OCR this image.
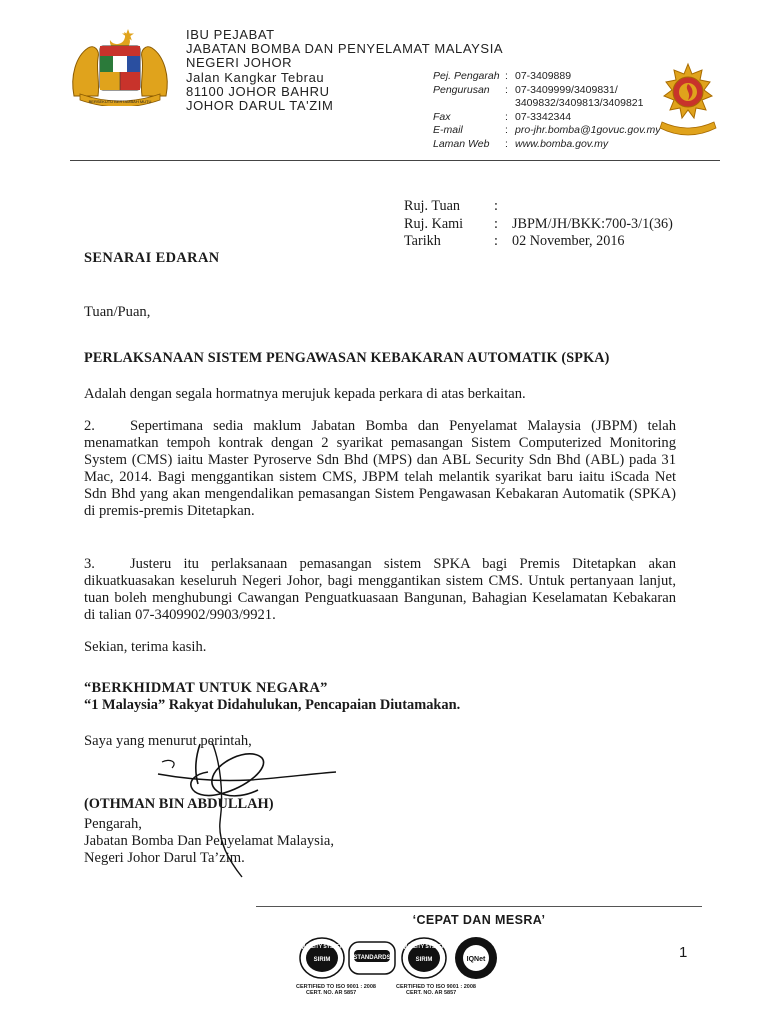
BERSEKUTU BERTAMBAH MUTU
IBU PEJABAT
JABATAN BOMBA DAN PENYELAMAT MALAYSIA
NEGERI JOHOR
Jalan Kangkar Tebrau
81100 JOHOR BAHRU
JOHOR DARUL TA'ZIM
Pej. Pengarah : 07-3409889
Pengurusan	: 07-3409999/3409831/
3409832/3409813/3409821
Fax	: 07-3342344
E-mail	: pro-jhr.bomba@1govuc.gov.my
Laman Web	: www.bomba.gov.my
Ruj. Tuan	:
Ruj. Kami	: JBPM/JH/BKK:700-3/1(36)
Tarikh	: 02 November, 2016
SENARAI EDARAN
Tuan/Puan,
PERLAKSANAAN SISTEM PENGAWASAN KEBAKARAN AUTOMATIK (SPKA)
Adalah dengan segala hormatnya merujuk kepada perkara di atas berkaitan.
2. Sepertimana sedia maklum Jabatan Bomba dan Penyelamat Malaysia (JBPM) telah menamatkan tempoh kontrak dengan 2 syarikat pemasangan Sistem Computerized Monitoring System (CMS) iaitu Master Pyroserve Sdn Bhd (MPS) dan ABL Security Sdn Bhd (ABL) pada 31 Mac, 2014. Bagi menggantikan sistem CMS, JBPM telah melantik syarikat baru iaitu iScada Net Sdn Bhd yang akan mengendalikan pemasangan Sistem Pengawasan Kebakaran Automatik (SPKA) di premis-premis Ditetapkan.
3. Justeru itu perlaksanaan pemasangan sistem SPKA bagi Premis Ditetapkan akan dikuatkuasakan keseluruh Negeri Johor, bagi menggantikan sistem CMS. Untuk pertanyaan lanjut, tuan boleh menghubungi Cawangan Penguatkuasaan Bangunan, Bahagian Keselamatan Kebakaran di talian 07-3409902/9903/9921.
Sekian, terima kasih.
“BERKHIDMAT UNTUK NEGARA”
“1 Malaysia” Rakyat Didahulukan, Pencapaian Diutamakan.
Saya yang menurut perintah,
(OTHMAN BIN ABDULLAH)
Pengarah,
Jabatan Bomba Dan Penyelamat Malaysia,
Negeri Johor Darul Ta’zim.
‘CEPAT DAN MESRA’
1
QUALITY SYSTEM
SIRIM	STANDARDS
QUALITY SYSTEM
SIRIM	IQNet
CERTIFIED TO ISO 9001 : 2008
CERT. NO. AR 5857
CERTIFIED TO ISO 9001 : 2008
CERT. NO. AR 5857
